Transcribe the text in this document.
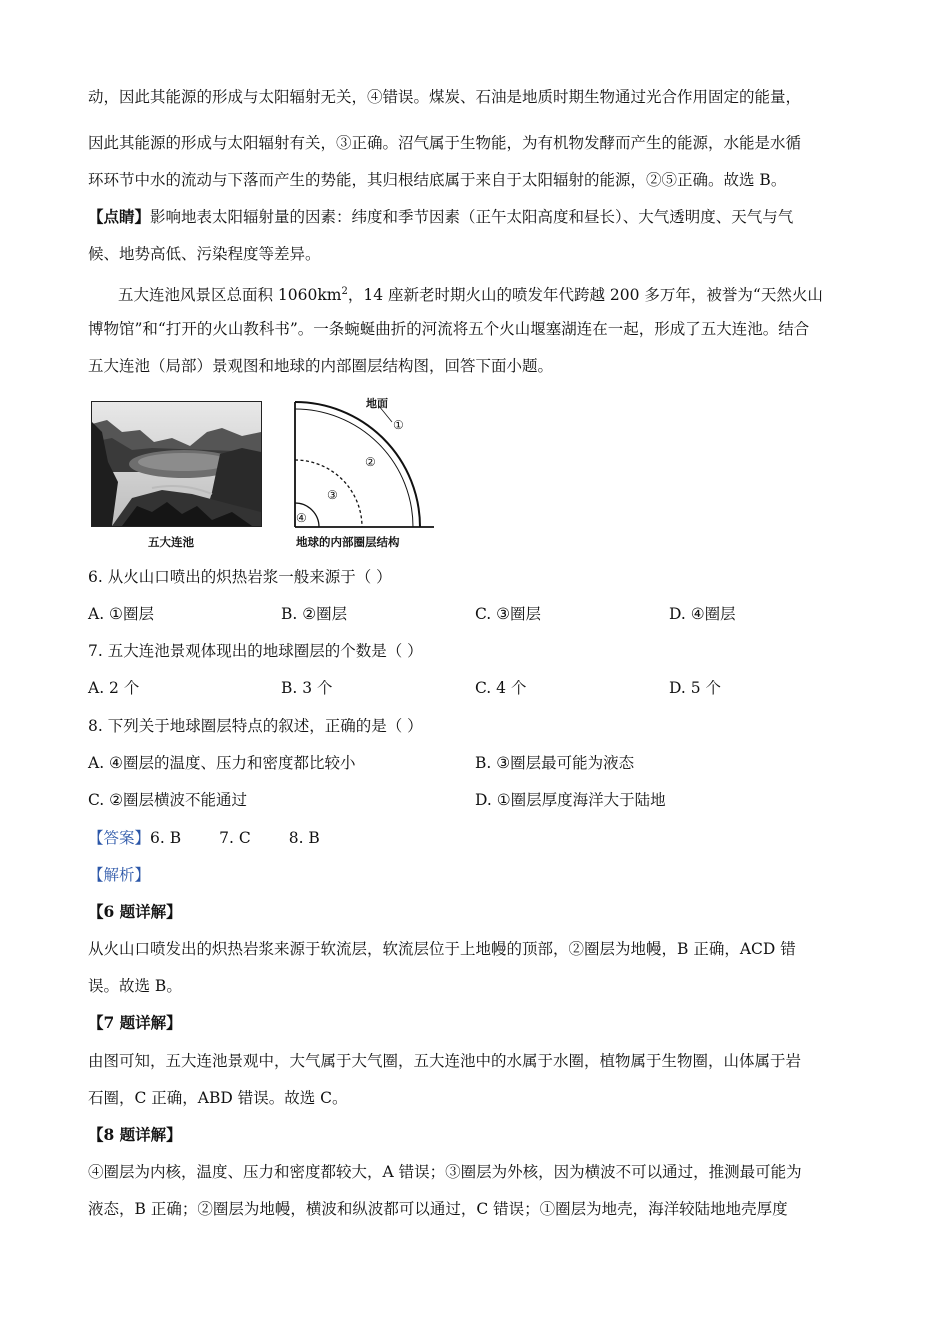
动，因此其能源的形成与太阳辐射无关，④错误。煤炭、石油是地质时期生物通过光合作用固定的能量，
因此其能源的形成与太阳辐射有关，③正确。沼气属于生物能，为有机物发酵而产生的能源，水能是水循
环环节中水的流动与下落而产生的势能，其归根结底属于来自于太阳辐射的能源，②⑤正确。故选 B。
【点睛】影响地表太阳辐射量的因素：纬度和季节因素（正午太阳高度和昼长）、大气透明度、天气与气
候、地势高低、污染程度等差异。
五大连池风景区总面积 $1060km^2$，14 座新老时期火山的喷发年代跨越 200 多万年，被誉为“天然火山
博物馆”和“打开的火山教科书”。一条蜿蜒曲折的河流将五个火山堰塞湖连在一起，形成了五大连池。结合
五大连池（局部）景观图和地球的内部圈层结构图，回答下面小题。
五大连池
地面
①
②
③
④
地球的内部圈层结构
6. 从火山口喷出的炽热岩浆一般来源于（ ）
A. ①圈层	B. ②圈层	C. ③圈层	D. ④圈层
7. 五大连池景观体现出的地球圈层的个数是（ ）
A. 2 个	B. 3 个	C. 4 个	D. 5 个
8. 下列关于地球圈层特点的叙述，正确的是（ ）
A. ④圈层的温度、压力和密度都比较小	B. ③圈层最可能为液态
C. ②圈层横波不能通过	D. ①圈层厚度海洋大于陆地
【答案】6. B 7. C 8. B
【解析】
【6 题详解】
从火山口喷发出的炽热岩浆来源于软流层，软流层位于上地幔的顶部，②圈层为地幔，B 正确，ACD 错
误。故选 B。
【7 题详解】
由图可知，五大连池景观中，大气属于大气圈，五大连池中的水属于水圈，植物属于生物圈，山体属于岩
石圈，C 正确，ABD 错误。故选 C。
【8 题详解】
④圈层为内核，温度、压力和密度都较大，A 错误；③圈层为外核，因为横波不可以通过，推测最可能为
液态，B 正确；②圈层为地幔，横波和纵波都可以通过，C 错误；①圈层为地壳，海洋较陆地地壳厚度
